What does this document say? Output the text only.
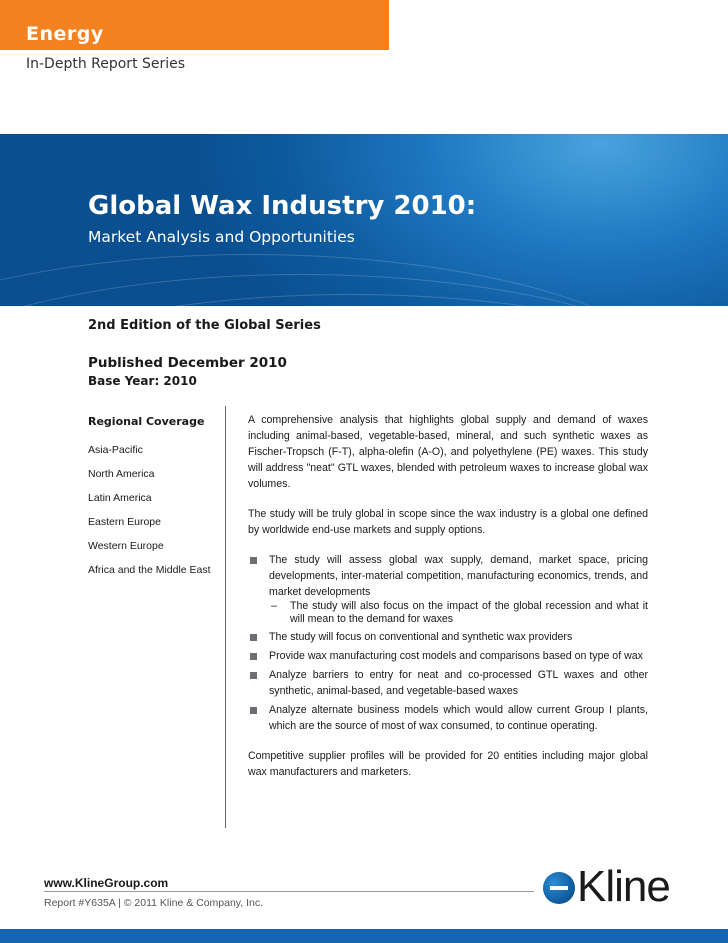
Energy
In-Depth Report Series
Global Wax Industry 2010:
Market Analysis and Opportunities
2nd Edition of the Global Series
Published December 2010
Base Year: 2010
Regional Coverage
Asia-Pacific
North America
Latin America
Eastern Europe
Western Europe
Africa and the Middle East

A comprehensive analysis that highlights global supply and demand of waxes including animal-based, vegetable-based, mineral, and such synthetic waxes as Fischer-Tropsch (F-T), alpha-olefin (A-O), and polyethylene (PE) waxes. This study will address "neat" GTL waxes, blended with petroleum waxes to increase global wax volumes.

The study will be truly global in scope since the wax industry is a global one defined by worldwide end-use markets and supply options.

The study will assess global wax supply, demand, market space, pricing developments, inter-material competition, manufacturing economics, trends, and market developments
– The study will also focus on the impact of the global recession and what it will mean to the demand for waxes
The study will focus on conventional and synthetic wax providers
Provide wax manufacturing cost models and comparisons based on type of wax
Analyze barriers to entry for neat and co-processed GTL waxes and other synthetic, animal-based, and vegetable-based waxes
Analyze alternate business models which would allow current Group I plants, which are the source of most of wax consumed, to continue operating.

Competitive supplier profiles will be provided for 20 entities including major global wax manufacturers and marketers.

www.KlineGroup.com
Report #Y635A | © 2011 Kline & Company, Inc.	Kline
